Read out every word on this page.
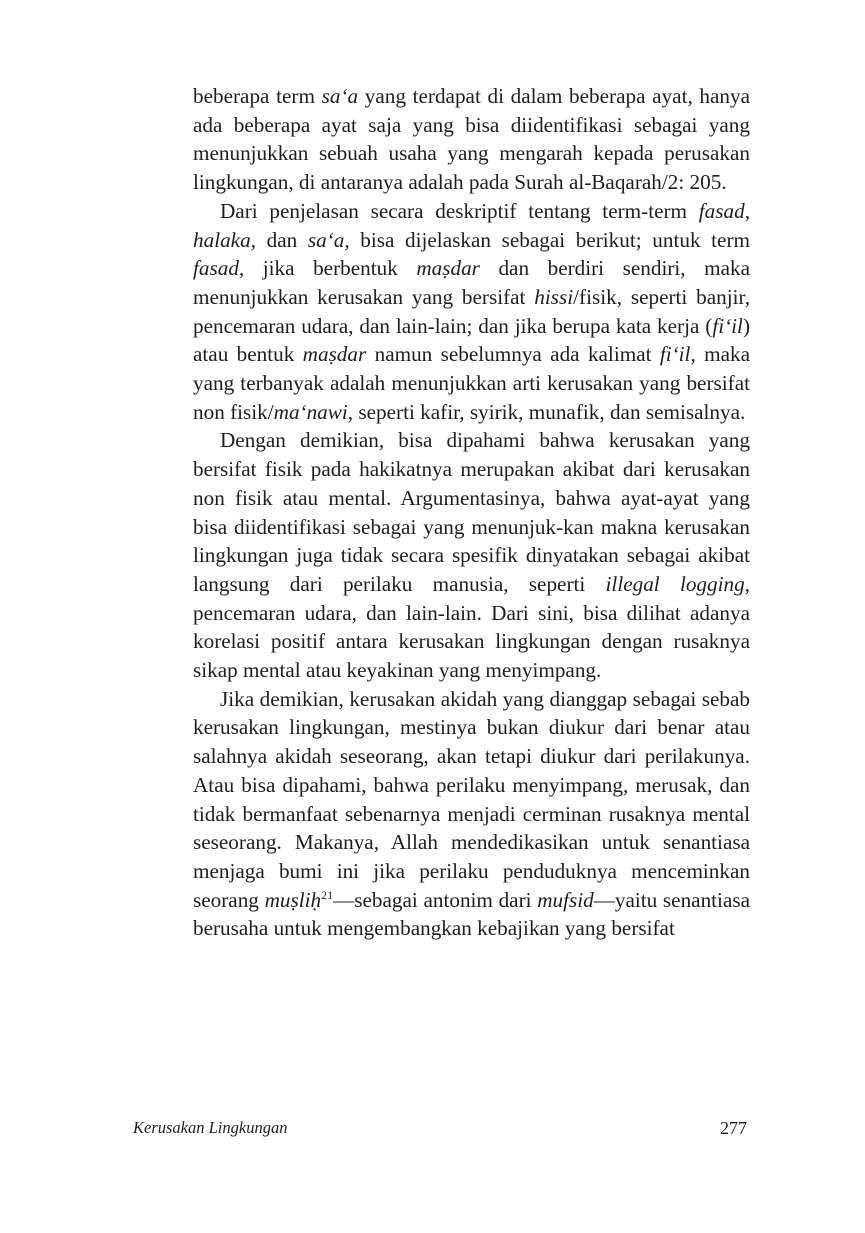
beberapa term sa‘a yang terdapat di dalam beberapa ayat, hanya ada beberapa ayat saja yang bisa diidentifikasi sebagai yang menunjukkan sebuah usaha yang mengarah kepada perusakan lingkungan, di antaranya adalah pada Surah al-Baqarah/2: 205.

Dari penjelasan secara deskriptif tentang term-term fasad, halaka, dan sa‘a, bisa dijelaskan sebagai berikut; untuk term fasad, jika berbentuk maṣdar dan berdiri sendiri, maka menunjukkan kerusakan yang bersifat hissi/fisik, seperti banjir, pencemaran udara, dan lain-lain; dan jika berupa kata kerja (fi‘il) atau bentuk maṣdar namun sebelumnya ada kalimat fi‘il, maka yang terbanyak adalah menunjukkan arti kerusakan yang bersifat non fisik/ma‘nawi, seperti kafir, syirik, munafik, dan semisalnya.

Dengan demikian, bisa dipahami bahwa kerusakan yang bersifat fisik pada hakikatnya merupakan akibat dari kerusakan non fisik atau mental. Argumentasinya, bahwa ayat-ayat yang bisa diidentifikasi sebagai yang menunjuk-kan makna kerusakan lingkungan juga tidak secara spesifik dinyatakan sebagai akibat langsung dari perilaku manusia, seperti illegal logging, pencemaran udara, dan lain-lain. Dari sini, bisa dilihat adanya korelasi positif antara kerusakan lingkungan dengan rusaknya sikap mental atau keyakinan yang menyimpang.

Jika demikian, kerusakan akidah yang dianggap sebagai sebab kerusakan lingkungan, mestinya bukan diukur dari benar atau salahnya akidah seseorang, akan tetapi diukur dari perilakunya. Atau bisa dipahami, bahwa perilaku menyimpang, merusak, dan tidak bermanfaat sebenarnya menjadi cerminan rusaknya mental seseorang. Makanya, Allah mendedikasikan untuk senantiasa menjaga bumi ini jika perilaku penduduknya menceminkan seorang muṣliḥ$^{21}$—sebagai antonim dari mufsid—yaitu senantiasa berusaha untuk mengembangkan kebajikan yang bersifat

Kerusakan Lingkungan	277
